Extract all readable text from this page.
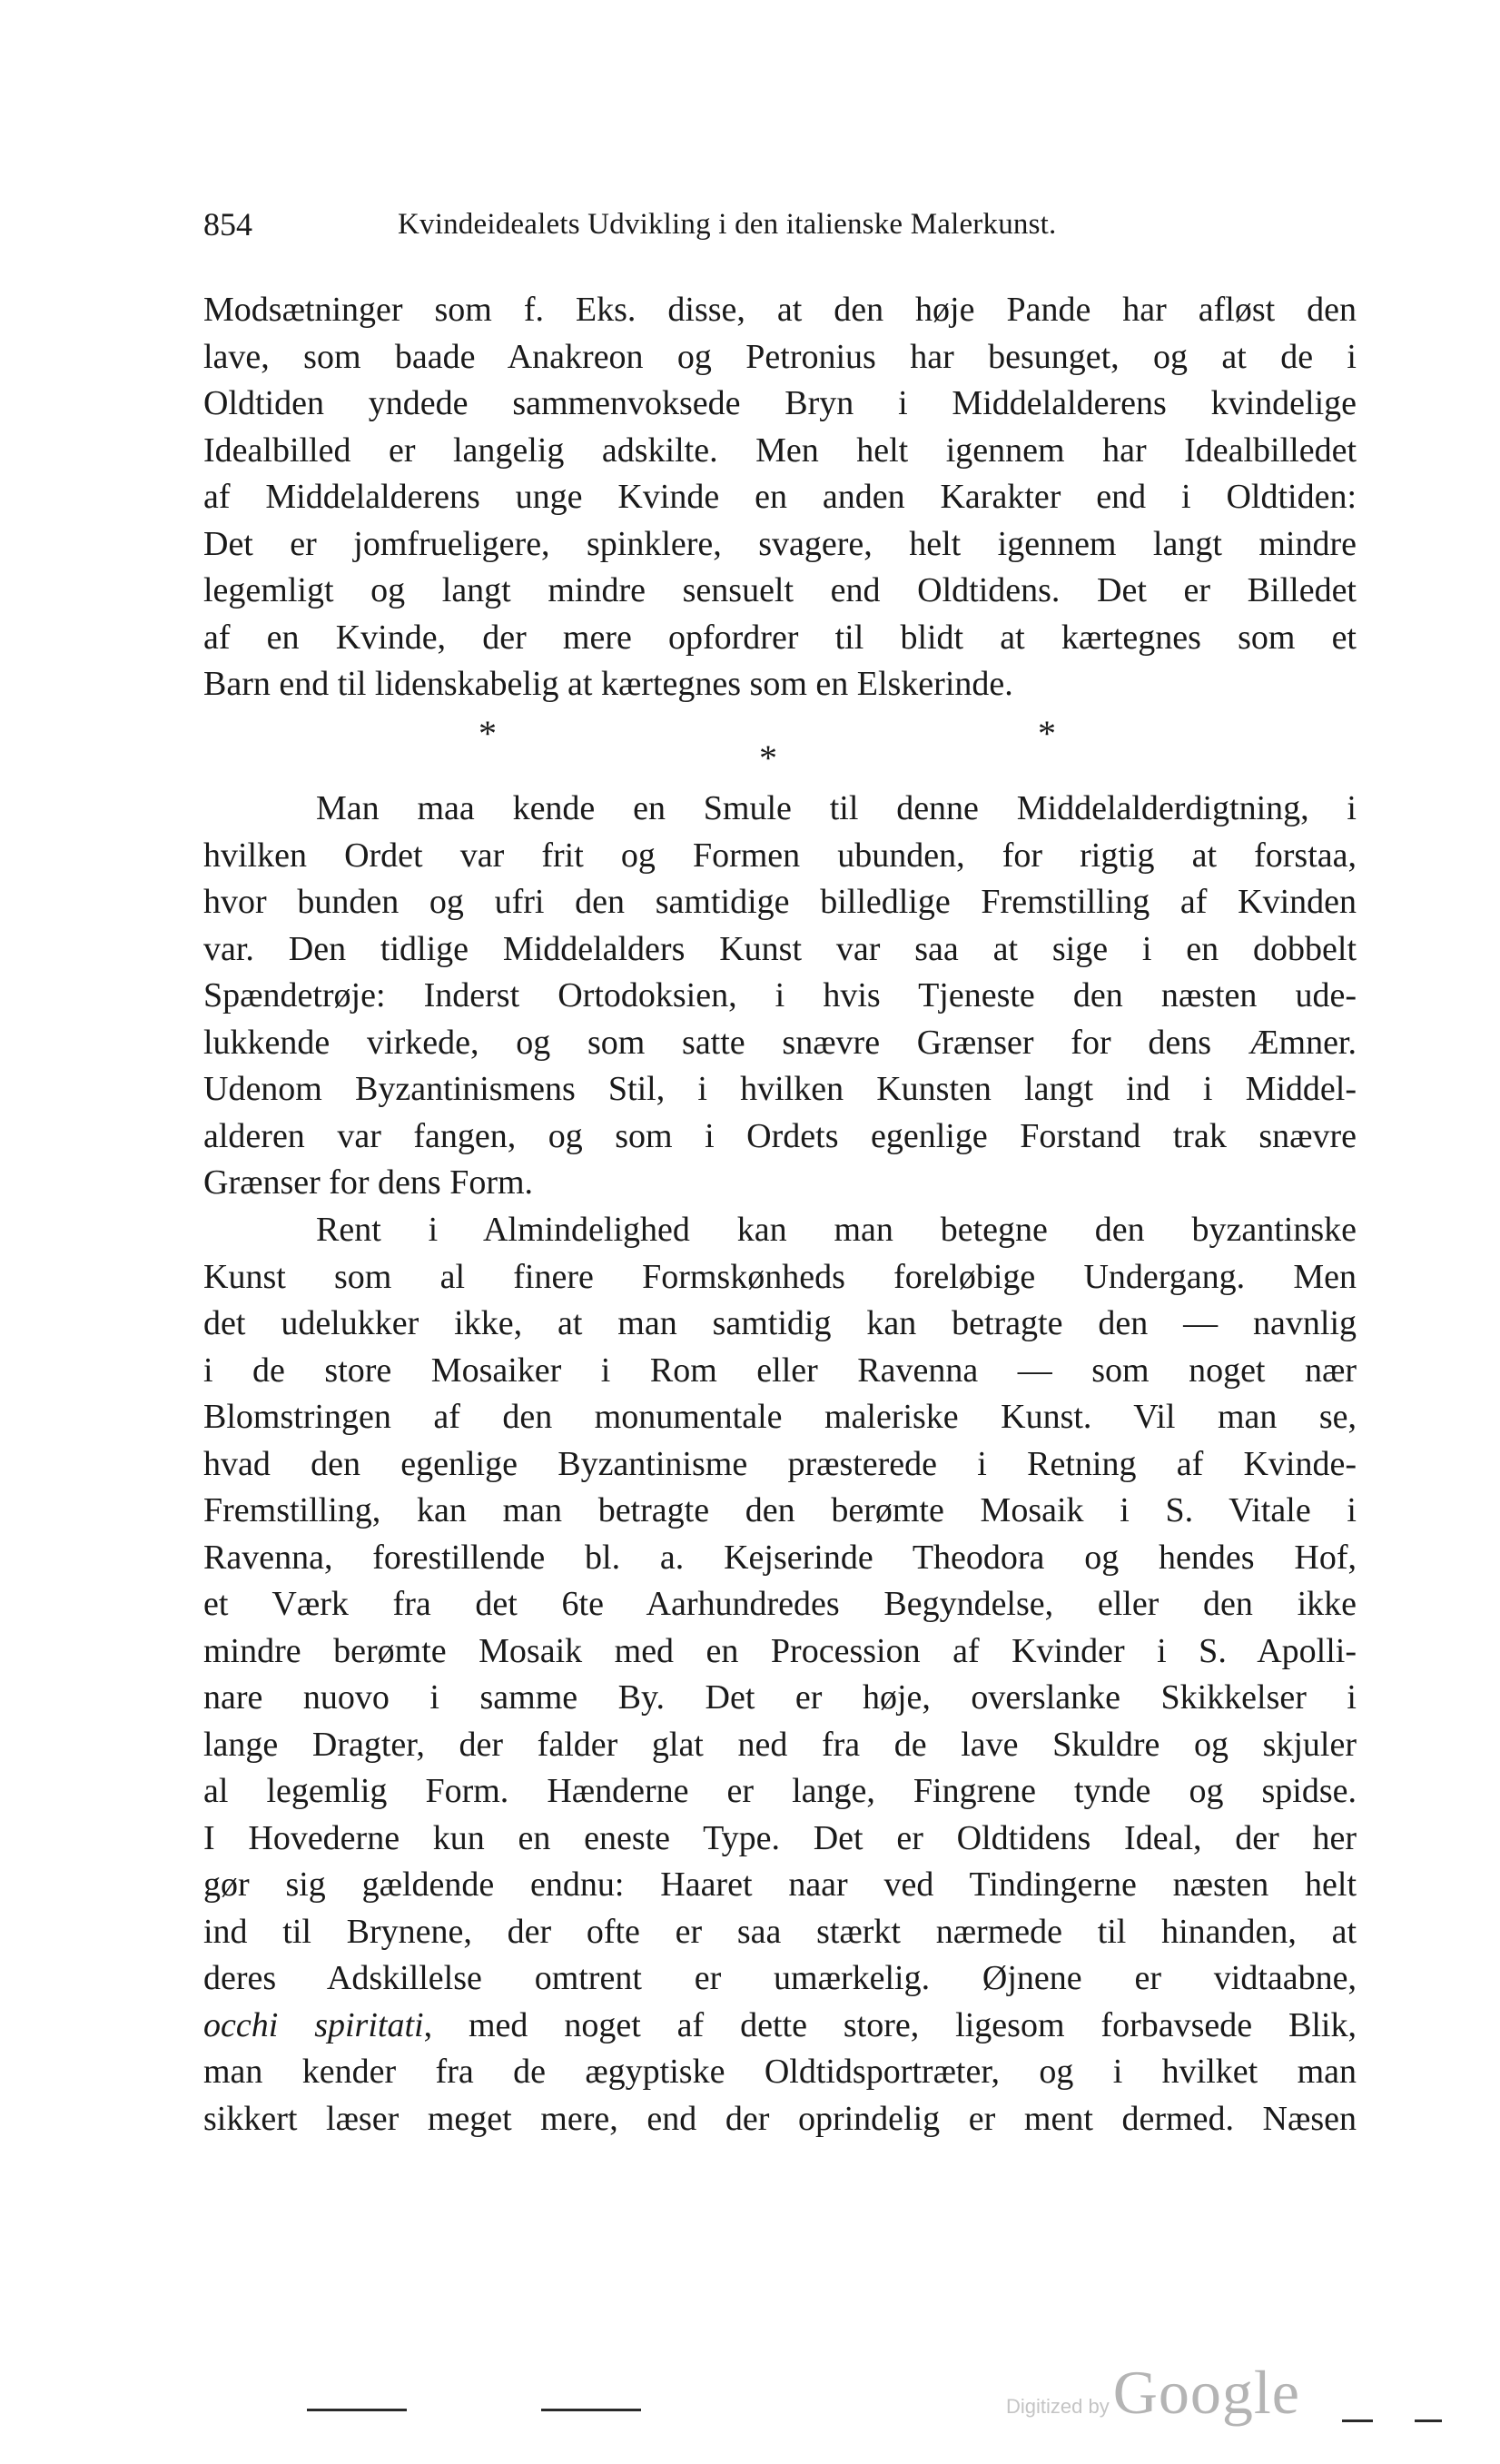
854	Kvindeidealets Udvikling i den italienske Malerkunst.
Modsætninger som f. Eks. disse, at den høje Pande har afløst den
lave, som baade Anakreon og Petronius har besunget, og at de i
Oldtiden yndede sammenvoksede Bryn i Middelalderens kvindelige
Idealbilled er langelig adskilte. Men helt igennem har Idealbilledet
af Middelalderens unge Kvinde en anden Karakter end i Oldtiden:
Det er jomfrueligere, spinklere, svagere, helt igennem langt mindre
legemligt og langt mindre sensuelt end Oldtidens. Det er Billedet
af en Kvinde, der mere opfordrer til blidt at kærtegnes som et
Barn end til lidenskabelig at kærtegnes som en Elskerinde.
*
*
*
Man maa kende en Smule til denne Middelalderdigtning, i
hvilken Ordet var frit og Formen ubunden, for rigtig at forstaa,
hvor bunden og ufri den samtidige billedlige Fremstilling af Kvinden
var. Den tidlige Middelalders Kunst var saa at sige i en dobbelt
Spændetrøje: Inderst Ortodoksien, i hvis Tjeneste den næsten ude-
lukkende virkede, og som satte snævre Grænser for dens Æmner.
Udenom Byzantinismens Stil, i hvilken Kunsten langt ind i Middel-
alderen var fangen, og som i Ordets egenlige Forstand trak snævre
Grænser for dens Form.
Rent i Almindelighed kan man betegne den byzantinske
Kunst som al finere Formskønheds foreløbige Undergang. Men
det udelukker ikke, at man samtidig kan betragte den — navnlig
i de store Mosaiker i Rom eller Ravenna — som noget nær
Blomstringen af den monumentale maleriske Kunst. Vil man se,
hvad den egenlige Byzantinisme præsterede i Retning af Kvinde-
Fremstilling, kan man betragte den berømte Mosaik i S. Vitale i
Ravenna, forestillende bl. a. Kejserinde Theodora og hendes Hof,
et Værk fra det 6te Aarhundredes Begyndelse, eller den ikke
mindre berømte Mosaik med en Procession af Kvinder i S. Apolli-
nare nuovo i samme By. Det er høje, overslanke Skikkelser i
lange Dragter, der falder glat ned fra de lave Skuldre og skjuler
al legemlig Form. Hænderne er lange, Fingrene tynde og spidse.
I Hovederne kun en eneste Type. Det er Oldtidens Ideal, der her
gør sig gældende endnu: Haaret naar ved Tindingerne næsten helt
ind til Brynene, der ofte er saa stærkt nærmede til hinanden, at
deres Adskillelse omtrent er umærkelig. Øjnene er vidtaabne,
occhi spiritati, med noget af dette store, ligesom forbavsede Blik,
man kender fra de ægyptiske Oldtidsportræter, og i hvilket man
sikkert læser meget mere, end der oprindelig er ment dermed. Næsen
Digitized by Google
